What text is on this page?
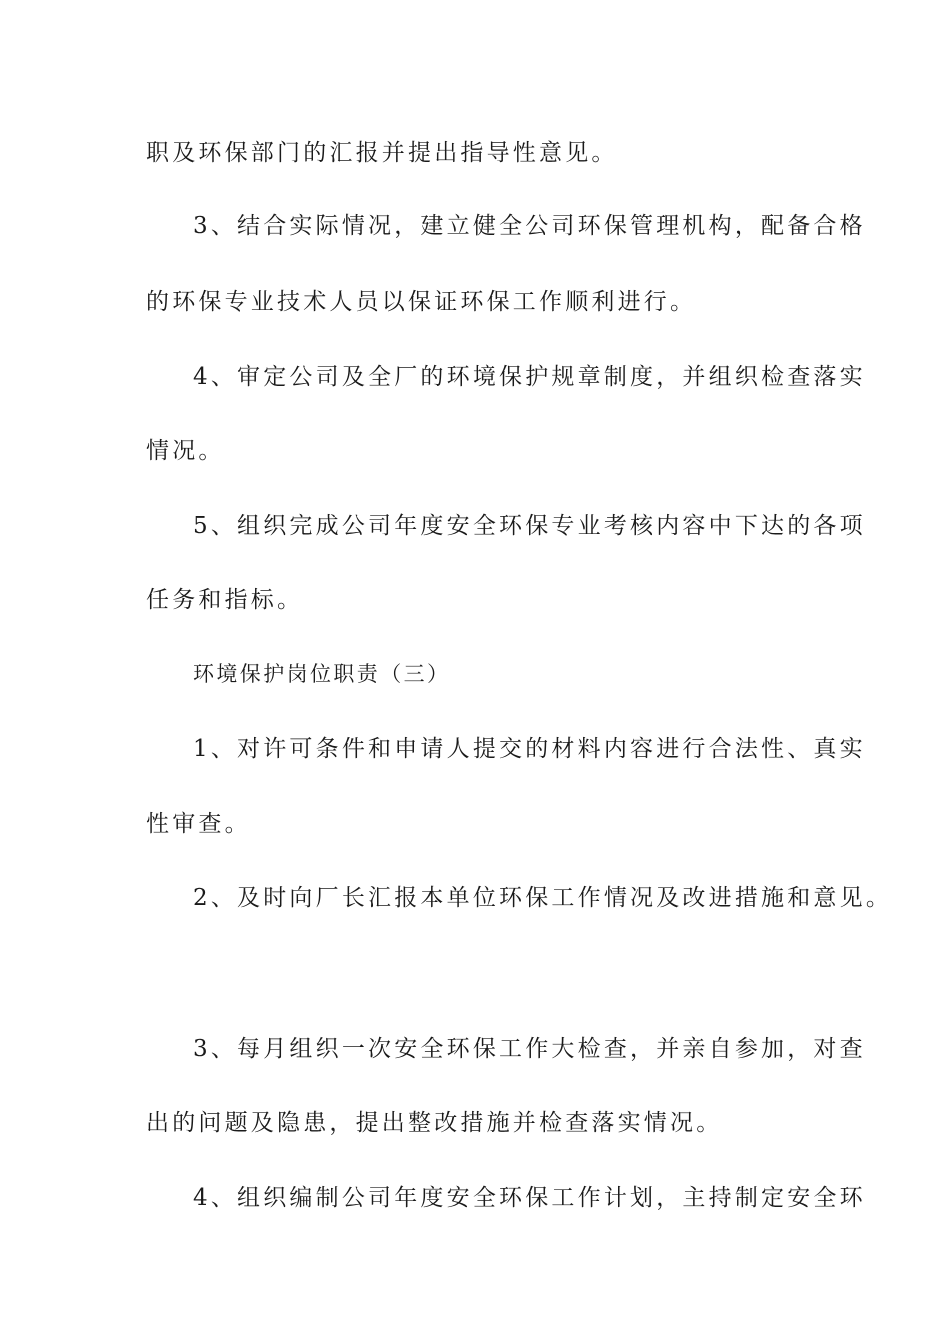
职及环保部门的汇报并提出指导性意见。
3、结合实际情况，建立健全公司环保管理机构，配备合格
的环保专业技术人员以保证环保工作顺利进行。
4、审定公司及全厂的环境保护规章制度，并组织检查落实
情况。
5、组织完成公司年度安全环保专业考核内容中下达的各项
任务和指标。
环境保护岗位职责（三）
1、对许可条件和申请人提交的材料内容进行合法性、真实
性审查。
2、及时向厂长汇报本单位环保工作情况及改进措施和意见。
3、每月组织一次安全环保工作大检查，并亲自参加，对查
出的问题及隐患，提出整改措施并检查落实情况。
4、组织编制公司年度安全环保工作计划，主持制定安全环
